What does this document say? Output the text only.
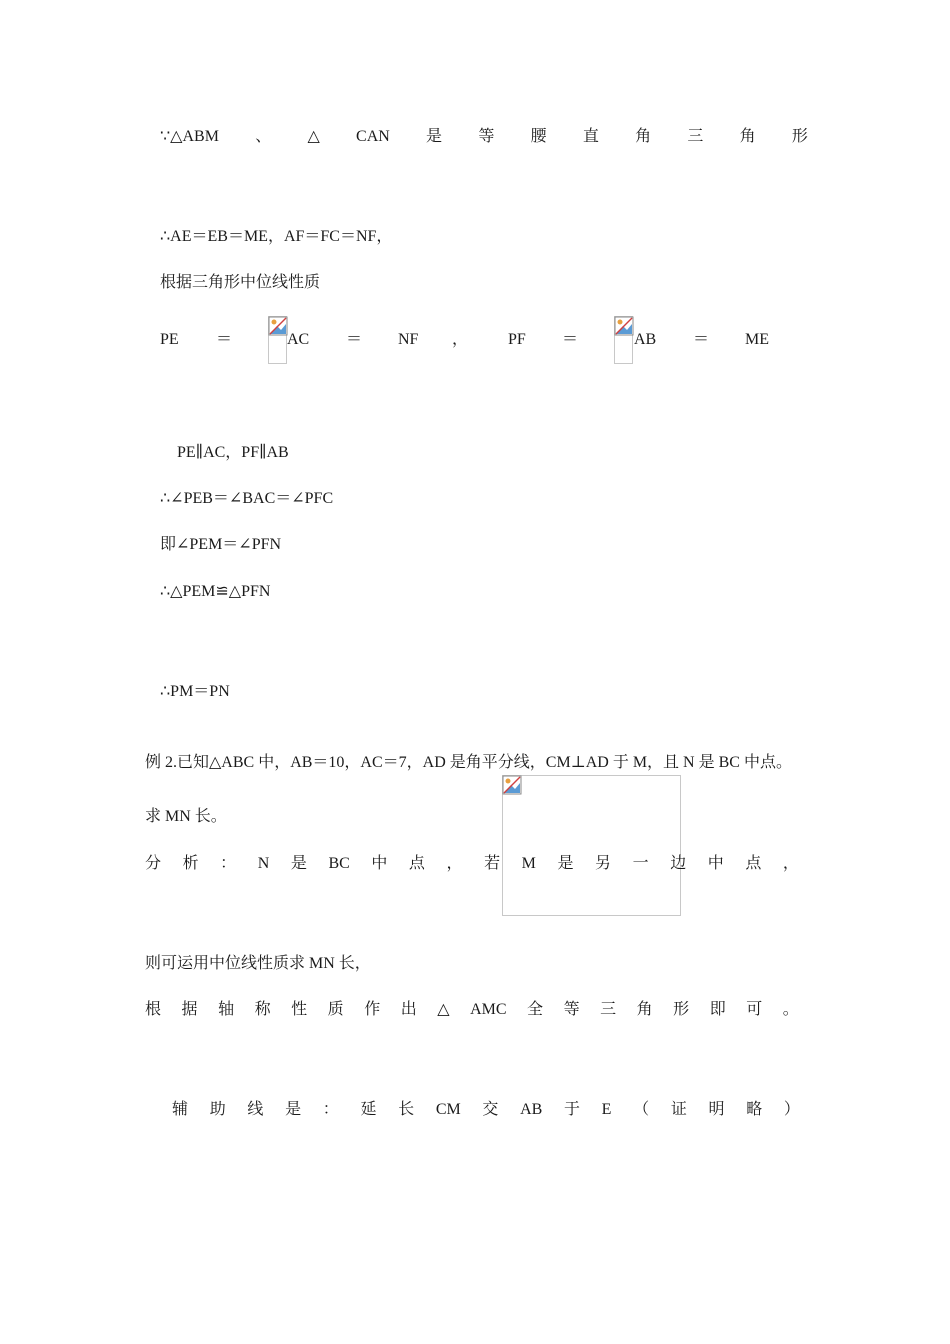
∵△ABM 、 △ CAN 是 等 腰 直 角 三 角 形
∴AE＝EB＝ME，AF＝FC＝NF，
根据三角形中位线性质
PE ＝	AC ＝ NF ， PF ＝	AB ＝ ME
PE∥AC，PF∥AB
∴∠PEB＝∠BAC＝∠PFC
即∠PEM＝∠PFN
∴△PEM≌△PFN
∴PM＝PN
例 2.已知△ABC 中，AB＝10，AC＝7，AD 是角平分线，CM⊥AD 于 M，且 N 是 BC 中点。
求 MN 长。
分 析 ： N 是 BC 中 点 ， 若 M 是 另 一 边 中 点 ，
则可运用中位线性质求 MN 长，
根 据 轴 称 性 质 作 出 △ AMC 全 等 三 角 形 即 可 。
辅 助 线 是 ： 延 长 CM 交 AB 于 E （ 证 明 略 ）
